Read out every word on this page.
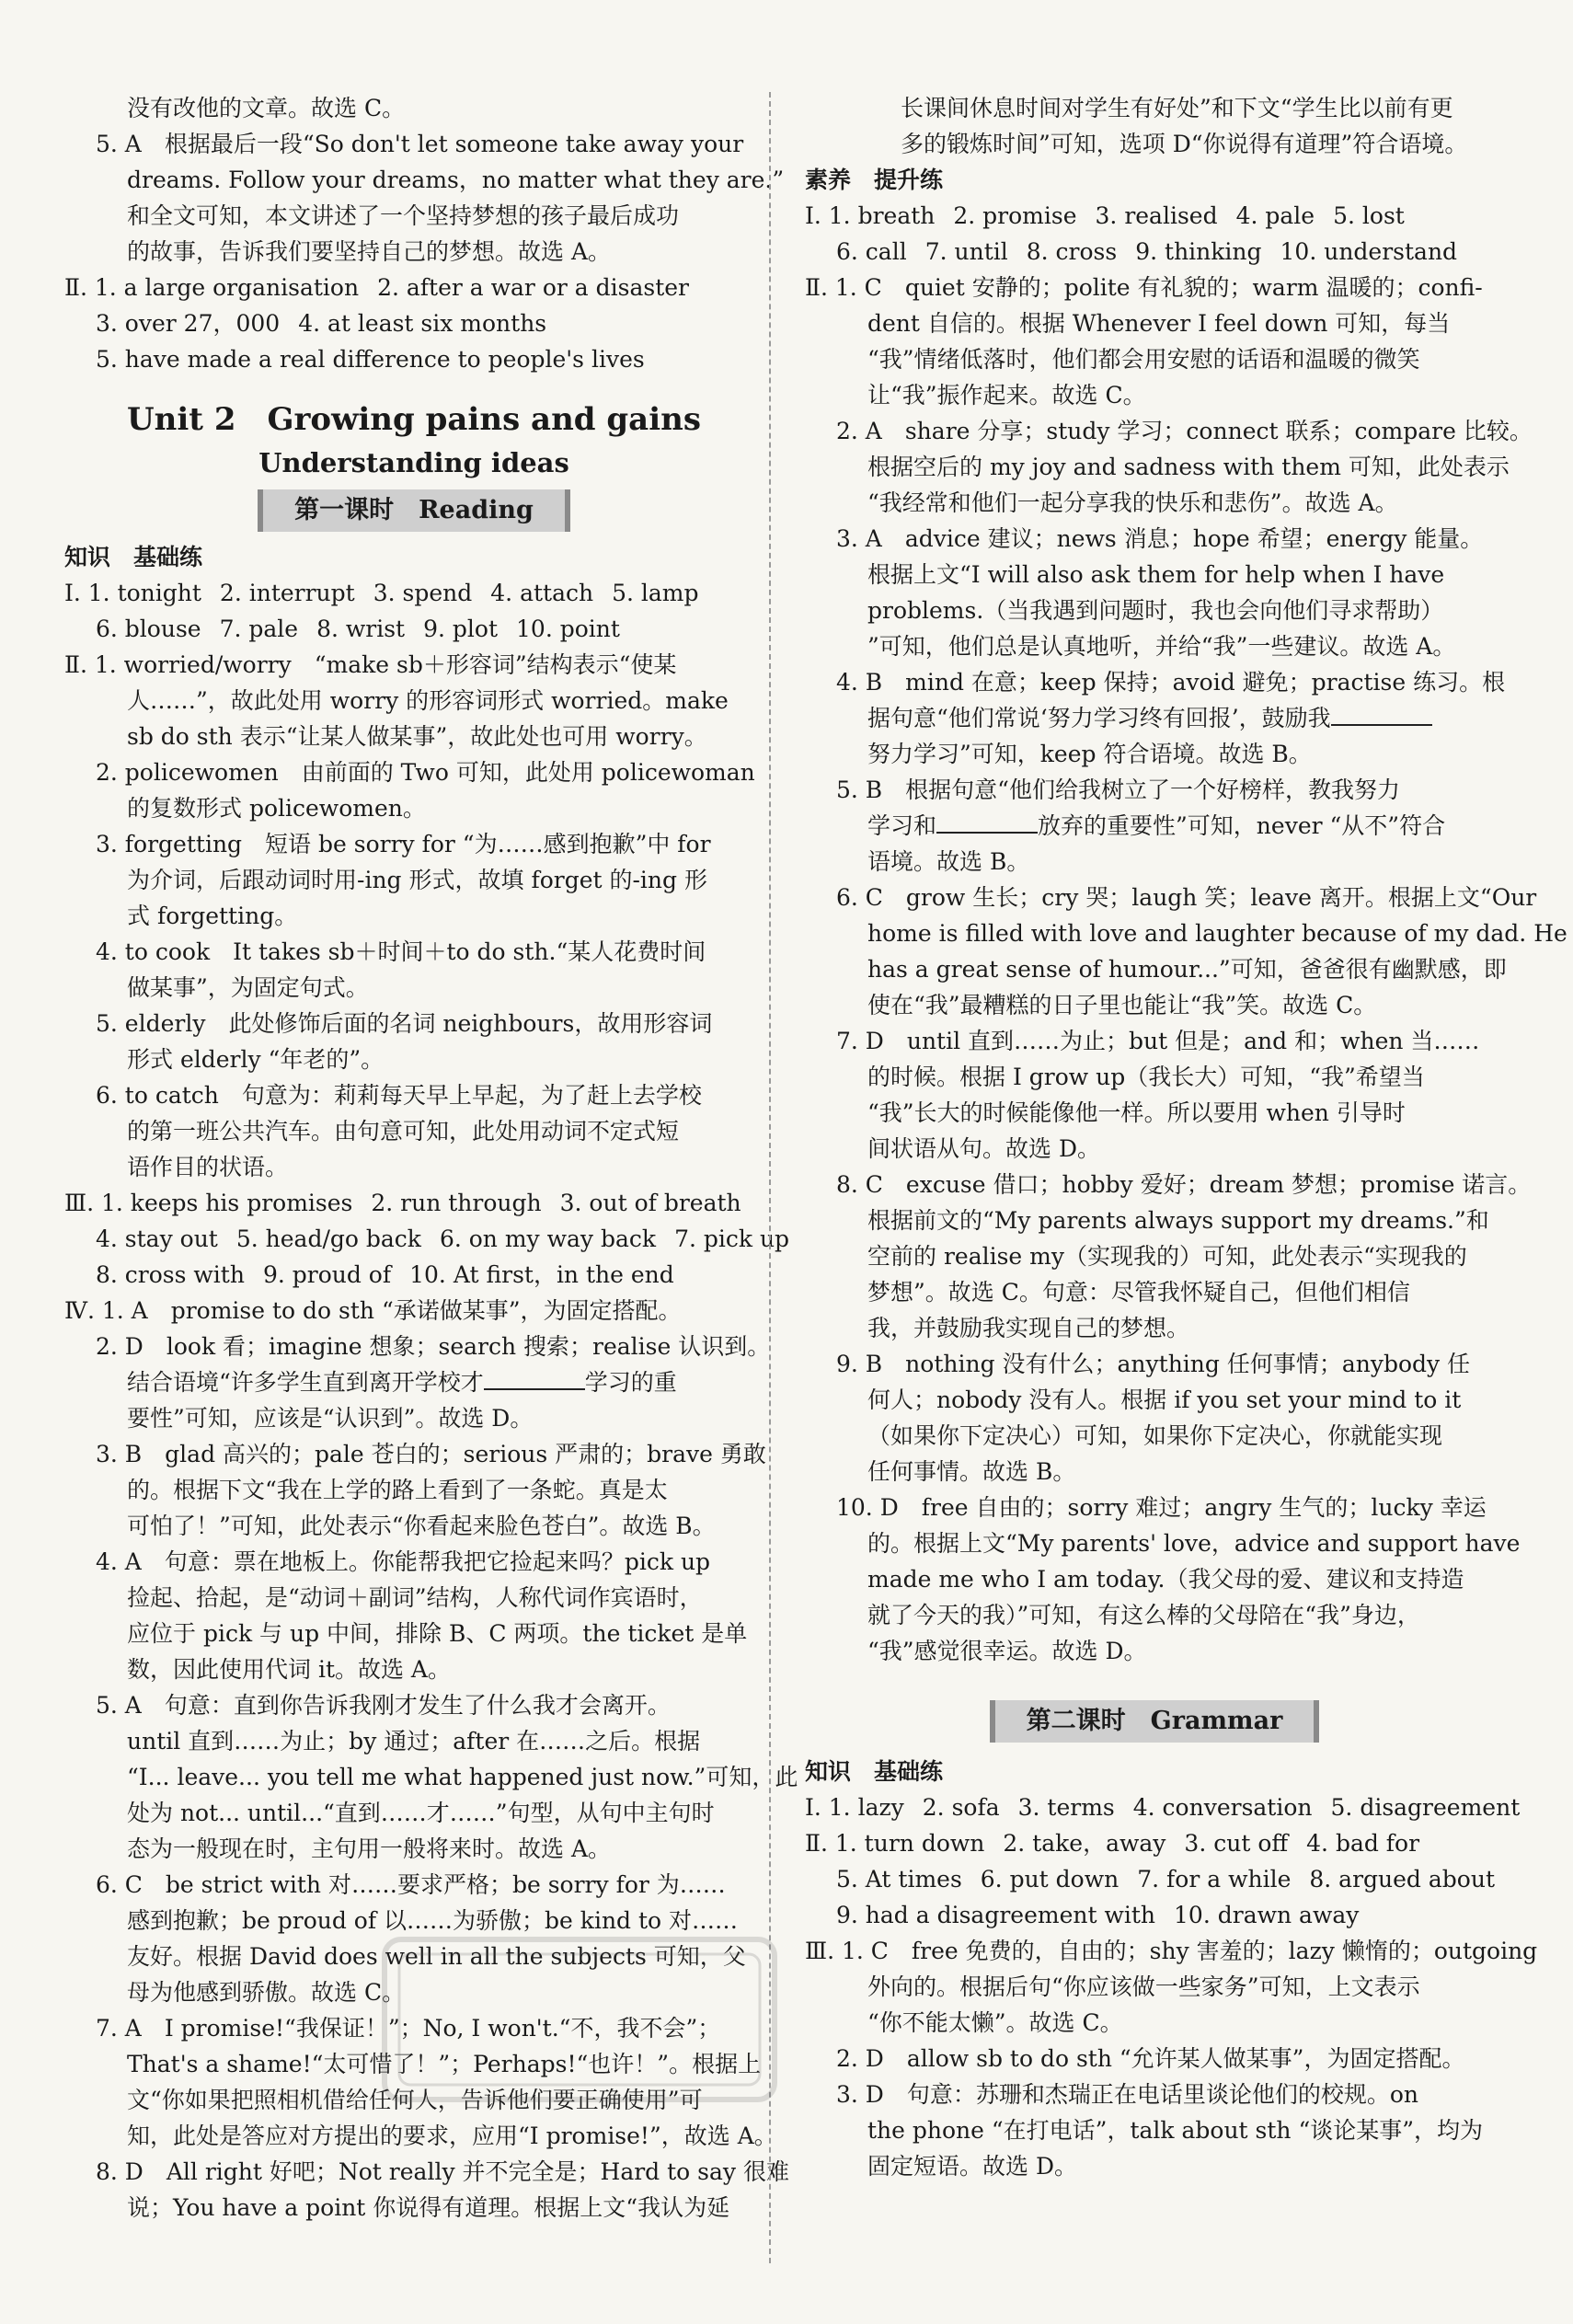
没有改他的文章。故选 C。
5. A　根据最后一段“So don't let someone take away your
dreams. Follow your dreams，no matter what they are.”
和全文可知，本文讲述了一个坚持梦想的孩子最后成功
的故事，告诉我们要坚持自己的梦想。故选 A。
Ⅱ. 1. a large organisation 2. after a war or a disaster
3. over 27，000 4. at least six months
5. have made a real difference to people's lives
Unit 2　Growing pains and gains
Understanding ideas
第一课时　Reading
知识　基础练
Ⅰ. 1. tonight 2. interrupt 3. spend 4. attach 5. lamp
6. blouse 7. pale 8. wrist 9. plot 10. point
Ⅱ. 1. worried/worry　“make sb＋形容词”结构表示“使某
人……”，故此处用 worry 的形容词形式 worried。make
sb do sth 表示“让某人做某事”，故此处也可用 worry。
2. policewomen　由前面的 Two 可知，此处用 policewoman
的复数形式 policewomen。
3. forgetting　短语 be sorry for “为……感到抱歉”中 for
为介词，后跟动词时用-ing 形式，故填 forget 的-ing 形
式 forgetting。
4. to cook　It takes sb＋时间＋to do sth.“某人花费时间
做某事”，为固定句式。
5. elderly　此处修饰后面的名词 neighbours，故用形容词
形式 elderly “年老的”。
6. to catch　句意为：莉莉每天早上早起，为了赶上去学校
的第一班公共汽车。由句意可知，此处用动词不定式短
语作目的状语。
Ⅲ. 1. keeps his promises 2. run through 3. out of breath
4. stay out 5. head/go back 6. on my way back 7. pick up
8. cross with 9. proud of 10. At first，in the end
Ⅳ. 1. A　promise to do sth “承诺做某事”，为固定搭配。
2. D　look 看；imagine 想象；search 搜索；realise 认识到。
结合语境“许多学生直到离开学校才	学习的重
要性”可知，应该是“认识到”。故选 D。
3. B　glad 高兴的；pale 苍白的；serious 严肃的；brave 勇敢
的。根据下文“我在上学的路上看到了一条蛇。真是太
可怕了！”可知，此处表示“你看起来脸色苍白”。故选 B。
4. A　句意：票在地板上。你能帮我把它捡起来吗？pick up
捡起、拾起，是“动词＋副词”结构，人称代词作宾语时，
应位于 pick 与 up 中间，排除 B、C 两项。the ticket 是单
数，因此使用代词 it。故选 A。
5. A　句意：直到你告诉我刚才发生了什么我才会离开。
until 直到……为止；by 通过；after 在……之后。根据
“I... leave... you tell me what happened just now.”可知，此
处为 not... until...“直到……才……”句型，从句中主句时
态为一般现在时，主句用一般将来时。故选 A。
6. C　be strict with 对……要求严格；be sorry for 为……
感到抱歉；be proud of 以……为骄傲；be kind to 对……
友好。根据 David does well in all the subjects 可知，父
母为他感到骄傲。故选 C。
7. A　I promise!“我保证！”；No, I won't.“不，我不会”；
That's a shame!“太可惜了！”；Perhaps!“也许！”。根据上
文“你如果把照相机借给任何人，告诉他们要正确使用”可
知，此处是答应对方提出的要求，应用“I promise!”，故选 A。
8. D　All right 好吧；Not really 并不完全是；Hard to say 很难
说；You have a point 你说得有道理。根据上文“我认为延
长课间休息时间对学生有好处”和下文“学生比以前有更
多的锻炼时间”可知，选项 D“你说得有道理”符合语境。
素养　提升练
Ⅰ. 1. breath 2. promise 3. realised 4. pale 5. lost
6. call 7. until 8. cross 9. thinking 10. understand
Ⅱ. 1. C　quiet 安静的；polite 有礼貌的；warm 温暖的；confi-
dent 自信的。根据 Whenever I feel down 可知，每当
“我”情绪低落时，他们都会用安慰的话语和温暖的微笑
让“我”振作起来。故选 C。
2. A　share 分享；study 学习；connect 联系；compare 比较。
根据空后的 my joy and sadness with them 可知，此处表示
“我经常和他们一起分享我的快乐和悲伤”。故选 A。
3. A　advice 建议；news 消息；hope 希望；energy 能量。
根据上文“I will also ask them for help when I have
problems.（当我遇到问题时，我也会向他们寻求帮助）
”可知，他们总是认真地听，并给“我”一些建议。故选 A。
4. B　mind 在意；keep 保持；avoid 避免；practise 练习。根
据句意“他们常说‘努力学习终有回报’，鼓励我
努力学习”可知，keep 符合语境。故选 B。
5. B　根据句意“他们给我树立了一个好榜样，教我努力
学习和	放弃的重要性”可知，never “从不”符合
语境。故选 B。
6. C　grow 生长；cry 哭；laugh 笑；leave 离开。根据上文“Our
home is filled with love and laughter because of my dad. He
has a great sense of humour...”可知，爸爸很有幽默感，即
使在“我”最糟糕的日子里也能让“我”笑。故选 C。
7. D　until 直到……为止；but 但是；and 和；when 当……
的时候。根据 I grow up（我长大）可知，“我”希望当
“我”长大的时候能像他一样。所以要用 when 引导时
间状语从句。故选 D。
8. C　excuse 借口；hobby 爱好；dream 梦想；promise 诺言。
根据前文的“My parents always support my dreams.”和
空前的 realise my（实现我的）可知，此处表示“实现我的
梦想”。故选 C。句意：尽管我怀疑自己，但他们相信
我，并鼓励我实现自己的梦想。
9. B　nothing 没有什么；anything 任何事情；anybody 任
何人；nobody 没有人。根据 if you set your mind to it
（如果你下定决心）可知，如果你下定决心，你就能实现
任何事情。故选 B。
10. D　free 自由的；sorry 难过；angry 生气的；lucky 幸运
的。根据上文“My parents' love，advice and support have
made me who I am today.（我父母的爱、建议和支持造
就了今天的我）”可知，有这么棒的父母陪在“我”身边，
“我”感觉很幸运。故选 D。
第二课时　Grammar
知识　基础练
Ⅰ. 1. lazy 2. sofa 3. terms 4. conversation 5. disagreement
Ⅱ. 1. turn down 2. take，away 3. cut off 4. bad for
5. At times 6. put down 7. for a while 8. argued about
9. had a disagreement with 10. drawn away
Ⅲ. 1. C　free 免费的，自由的；shy 害羞的；lazy 懒惰的；outgoing
外向的。根据后句“你应该做一些家务”可知，上文表示
“你不能太懒”。故选 C。
2. D　allow sb to do sth “允许某人做某事”，为固定搭配。
3. D　句意：苏珊和杰瑞正在电话里谈论他们的校规。on
the phone “在打电话”，talk about sth “谈论某事”，均为
固定短语。故选 D。
